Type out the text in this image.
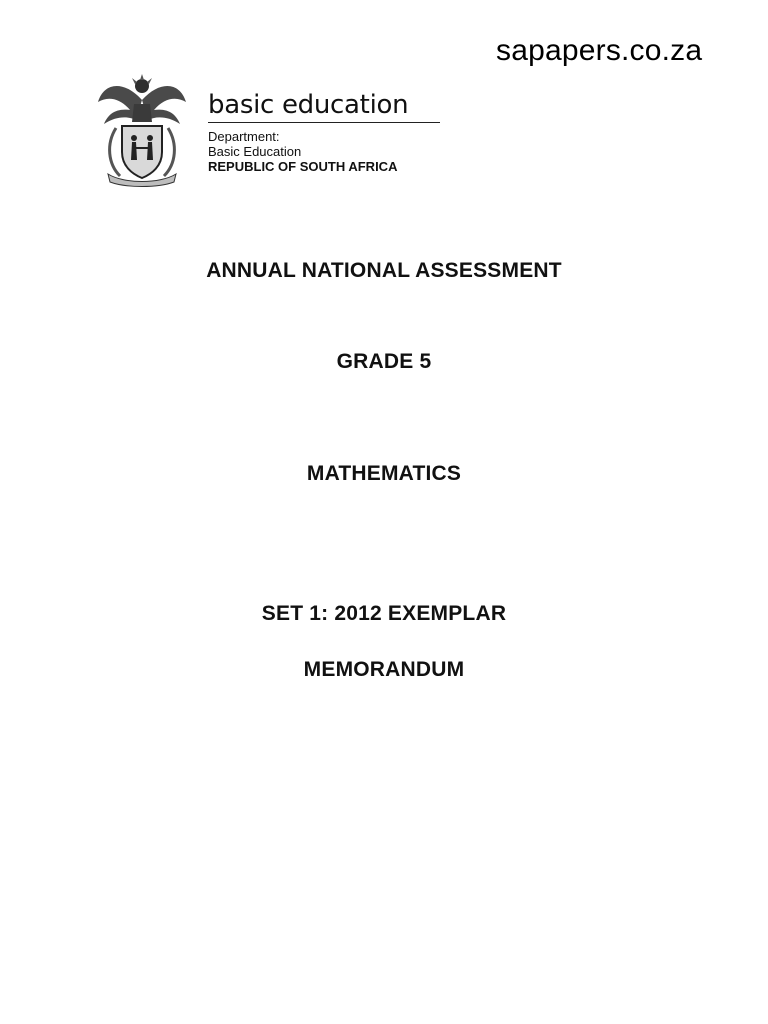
sapapers.co.za
basic education
Department:
Basic Education
REPUBLIC OF SOUTH AFRICA
ANNUAL NATIONAL ASSESSMENT
GRADE 5
MATHEMATICS
SET 1: 2012 EXEMPLAR
MEMORANDUM
